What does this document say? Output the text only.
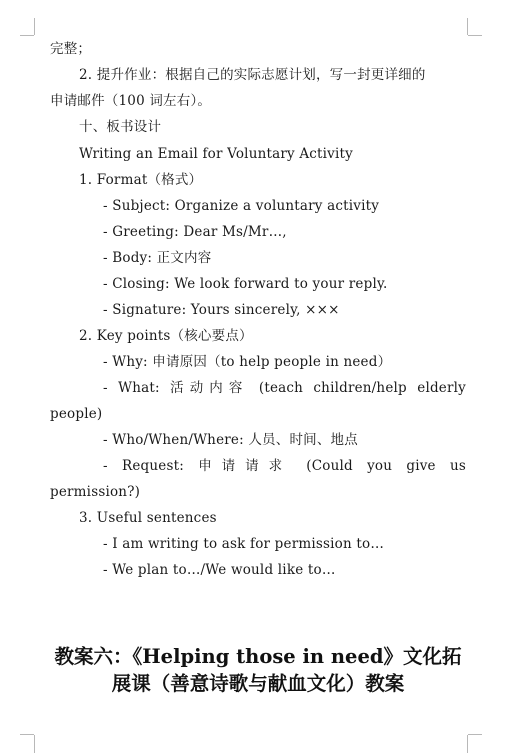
完整；
2. 提升作业：根据自己的实际志愿计划，写一封更详细的
申请邮件（100 词左右）。
十、板书设计
Writing an Email for Voluntary Activity
1. Format（格式）
- Subject: Organize a voluntary activity
- Greeting: Dear Ms/Mr…,
- Body: 正文内容
- Closing: We look forward to your reply.
- Signature: Yours sincerely, ×××
2. Key points（核心要点）
- Why: 申请原因（to help people in need）
- What: 活动内容 (teach children/help elderly
people)
- Who/When/Where: 人员、时间、地点
- Request: 申请请求 (Could you give us
permission?)
3. Useful sentences
- I am writing to ask for permission to…
- We plan to…/We would like to…
教案六：《Helping those in need》文化拓
展课（善意诗歌与献血文化）教案
